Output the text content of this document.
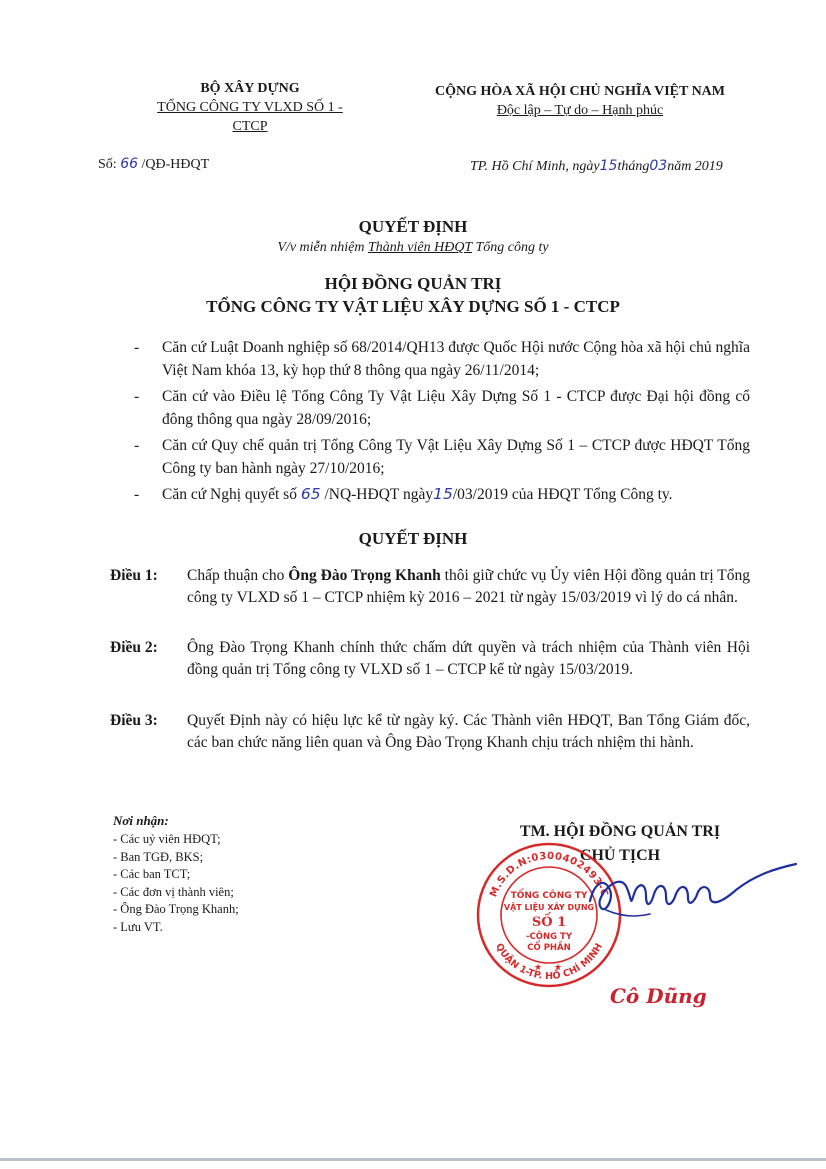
BỘ XÂY DỰNG
TỔNG CÔNG TY VLXD SỐ 1 - CTCP
CỘNG HÒA XÃ HỘI CHỦ NGHĨA VIỆT NAM
Độc lập – Tự do – Hạnh phúc
Số: 66 /QĐ-HĐQT	TP. Hồ Chí Minh, ngày15tháng03năm 2019
QUYẾT ĐỊNH
V/v miễn nhiệm Thành viên HĐQT Tổng công ty
HỘI ĐỒNG QUẢN TRỊ
TỔNG CÔNG TY VẬT LIỆU XÂY DỰNG SỐ 1 - CTCP
- Căn cứ Luật Doanh nghiệp số 68/2014/QH13 được Quốc Hội nước Cộng hòa xã hội chủ nghĩa Việt Nam khóa 13, kỳ họp thứ 8 thông qua ngày 26/11/2014;
- Căn cứ vào Điều lệ Tổng Công Ty Vật Liệu Xây Dựng Số 1 - CTCP được Đại hội đồng cổ đông thông qua ngày 28/09/2016;
- Căn cứ Quy chế quản trị Tổng Công Ty Vật Liệu Xây Dựng Số 1 – CTCP được HĐQT Tổng Công ty ban hành ngày 27/10/2016;
- Căn cứ Nghị quyết số 65 /NQ-HĐQT ngày15/03/2019 của HĐQT Tổng Công ty.
QUYẾT ĐỊNH
Điều 1:	Chấp thuận cho Ông Đào Trọng Khanh thôi giữ chức vụ Ủy viên Hội đồng quản trị Tổng công ty VLXD số 1 – CTCP nhiệm kỳ 2016 – 2021 từ ngày 15/03/2019 vì lý do cá nhân.
Điều 2:	Ông Đào Trọng Khanh chính thức chấm dứt quyền và trách nhiệm của Thành viên Hội đồng quản trị Tổng công ty VLXD số 1 – CTCP kể từ ngày 15/03/2019.
Điều 3:	Quyết Định này có hiệu lực kể từ ngày ký. Các Thành viên HĐQT, Ban Tổng Giám đốc, các ban chức năng liên quan và Ông Đào Trọng Khanh chịu trách nhiệm thi hành.
Nơi nhận:
- Các uỷ viên HĐQT;
- Ban TGĐ, BKS;
- Các ban TCT;
- Các đơn vị thành viên;
- Ông Đào Trọng Khanh;
- Lưu VT.
TM. HỘI ĐỒNG QUẢN TRỊ
CHỦ TỊCH
M.S.D.N:0300402493-C
QUẬN 1-TP. HỒ CHÍ MINH
★ ★
TỔNG CÔNG TY
VẬT LIỆU XÂY DỰNG
SỐ 1
-CÔNG TY
CỔ PHẦN
Cô Dũng
